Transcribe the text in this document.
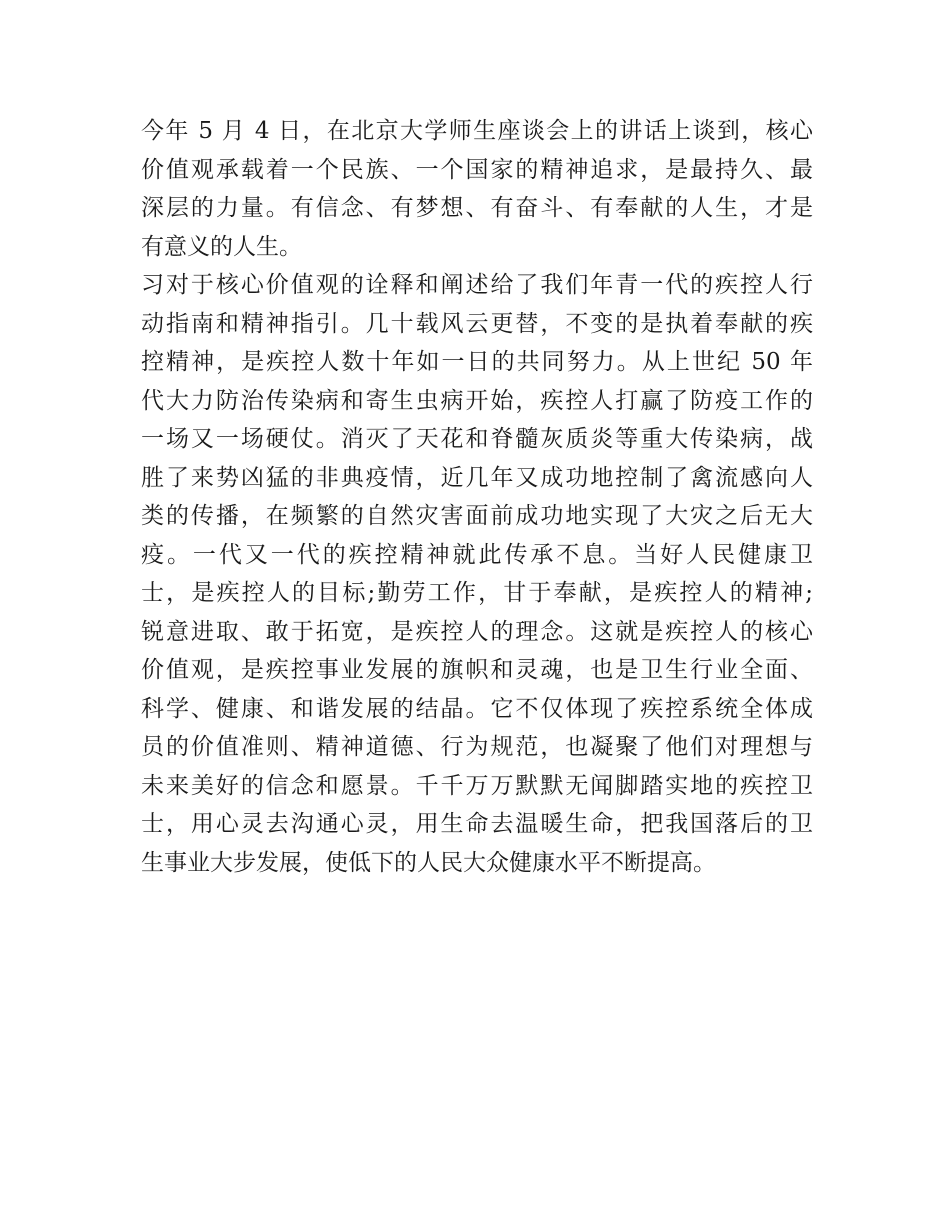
今年 5 月 4 日，在北京大学师生座谈会上的讲话上谈到，核心
价值观承载着一个民族、一个国家的精神追求，是最持久、最
深层的力量。有信念、有梦想、有奋斗、有奉献的人生，才是
有意义的人生。
习对于核心价值观的诠释和阐述给了我们年青一代的疾控人行
动指南和精神指引。几十载风云更替，不变的是执着奉献的疾
控精神，是疾控人数十年如一日的共同努力。从上世纪 50 年
代大力防治传染病和寄生虫病开始，疾控人打赢了防疫工作的
一场又一场硬仗。消灭了天花和脊髓灰质炎等重大传染病，战
胜了来势凶猛的非典疫情，近几年又成功地控制了禽流感向人
类的传播，在频繁的自然灾害面前成功地实现了大灾之后无大
疫。一代又一代的疾控精神就此传承不息。当好人民健康卫
士，是疾控人的目标;勤劳工作，甘于奉献，是疾控人的精神;
锐意进取、敢于拓宽，是疾控人的理念。这就是疾控人的核心
价值观，是疾控事业发展的旗帜和灵魂，也是卫生行业全面、
科学、健康、和谐发展的结晶。它不仅体现了疾控系统全体成
员的价值准则、精神道德、行为规范，也凝聚了他们对理想与
未来美好的信念和愿景。千千万万默默无闻脚踏实地的疾控卫
士，用心灵去沟通心灵，用生命去温暖生命，把我国落后的卫
生事业大步发展，使低下的人民大众健康水平不断提高。
